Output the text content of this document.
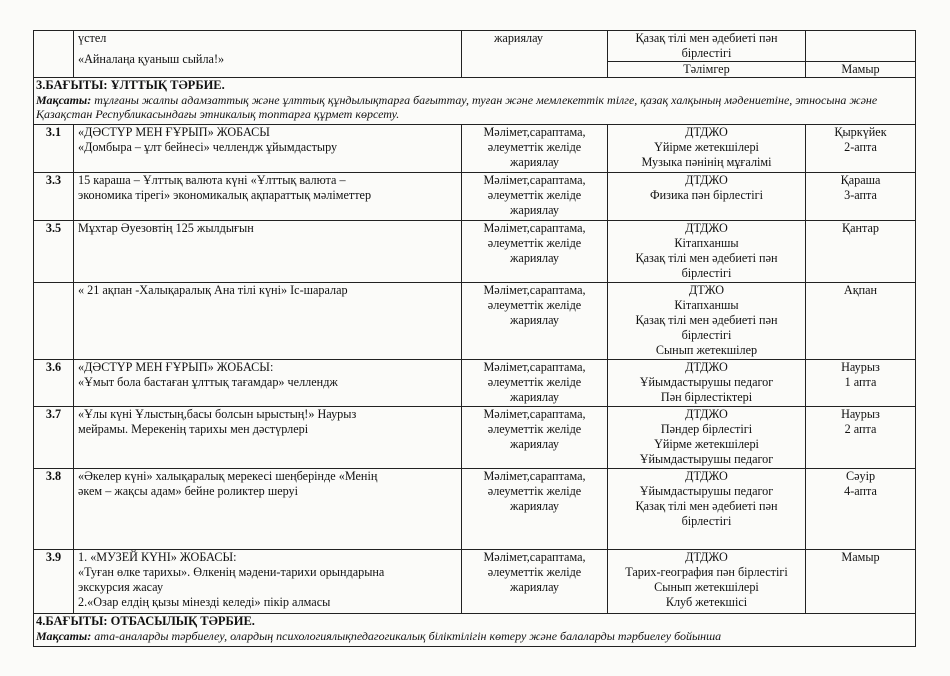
	үстел
«Айналаңа қуаныш сыйла!»	жариялау	Қазақ тілі мен әдебиеті пән бірлестігі	
			Тәлімгер	Мамыр

3.БАҒЫТЫ: ҰЛТТЫҚ ТӘРБИЕ.
Мақсаты: тұлғаны жалпы адамзаттық және ұлттық құндылықтарға бағыттау, туған және мемлекеттік тілге, қазақ халқының мәдениетіне, этносына және Қазақстан Республикасындағы этникалық топтарға құрмет көрсету.				

3.1	«ДӘСТҮР МЕН ҒҰРЫП» ЖОБАСЫ
«Домбыра – ұлт бейнесі» челлендж ұйымдастыру	Мәлімет,сараптама,
әлеуметтік желіде
жариялау	ДТДЖО
Үйірме жетекшілері
Музыка пәнінің мұғалімі	Қыркүйек
2-апта

3.3	15 караша – Ұлттық валюта күні «Ұлттық валюта –
экономика тірегі» экономикалық ақпараттық мәліметтер	Мәлімет,сараптама,
әлеуметтік желіде
жариялау	ДТДЖО
Физика пән бірлестігі	Қараша
3-апта

3.5	Мұхтар Әуезовтің 125 жылдығын	Мәлімет,сараптама,
әлеуметтік желіде
жариялау	ДТДЖО
Кітапханшы
Қазақ тілі мен әдебиеті пән
бірлестігі	Қантар

	« 21 ақпан -Халықаралық Ана тілі күні» Іс-шаралар	Мәлімет,сараптама,
әлеуметтік желіде
жариялау	ДТЖО
Кітапханшы
Қазақ тілі мен әдебиеті пән
бірлестігі
Сынып жетекшілер	Ақпан

3.6	«ДӘСТҮР МЕН ҒҰРЫП» ЖОБАСЫ:
«Ұмыт бола бастаған ұлттық тағамдар» челлендж	Мәлімет,сараптама,
әлеуметтік желіде
жариялау	ДТДЖО
Ұйымдастырушы педагог
Пән бірлестіктері	Наурыз
1 апта

3.7	«Ұлы күні Ұлыстың,басы болсын ырыстың!» Наурыз
мейрамы. Мерекенің тарихы мен дәстүрлері	Мәлімет,сараптама,
әлеуметтік желіде
жариялау	ДТДЖО
Пәндер бірлестігі
Үйірме жетекшілері
Ұйымдастырушы педагог	Наурыз
2 апта

3.8	«Әкелер күні» халықаралық мерекесі шеңберінде «Менің
әкем – жақсы адам» бейне роликтер шеруі	Мәлімет,сараптама,
әлеуметтік желіде
жариялау	ДТДЖО
Ұйымдастырушы педагог
Қазақ тілі мен әдебиеті пән
бірлестігі	Сәуір
4-апта

3.9	1. «МУЗЕЙ КҮНІ» ЖОБАСЫ:
«Туған өлке тарихы». Өлкенің мәдени-тарихи орындарына
экскурсия жасау
2.«Озар елдің қызы мінезді келеді» пікір алмасы	Мәлімет,сараптама,
әлеуметтік желіде
жариялау	ДТДЖО
Тарих-география пән бірлестігі
Сынып жетекшілері
Клуб жетекшісі	Мамыр

4.БАҒЫТЫ: ОТБАСЫЛЫҚ ТӘРБИЕ.
Мақсаты: ата-аналарды тәрбиелеу, олардың психологиялықпедагогикалық біліктілігін көтеру және балаларды тәрбиелеу бойынша				
